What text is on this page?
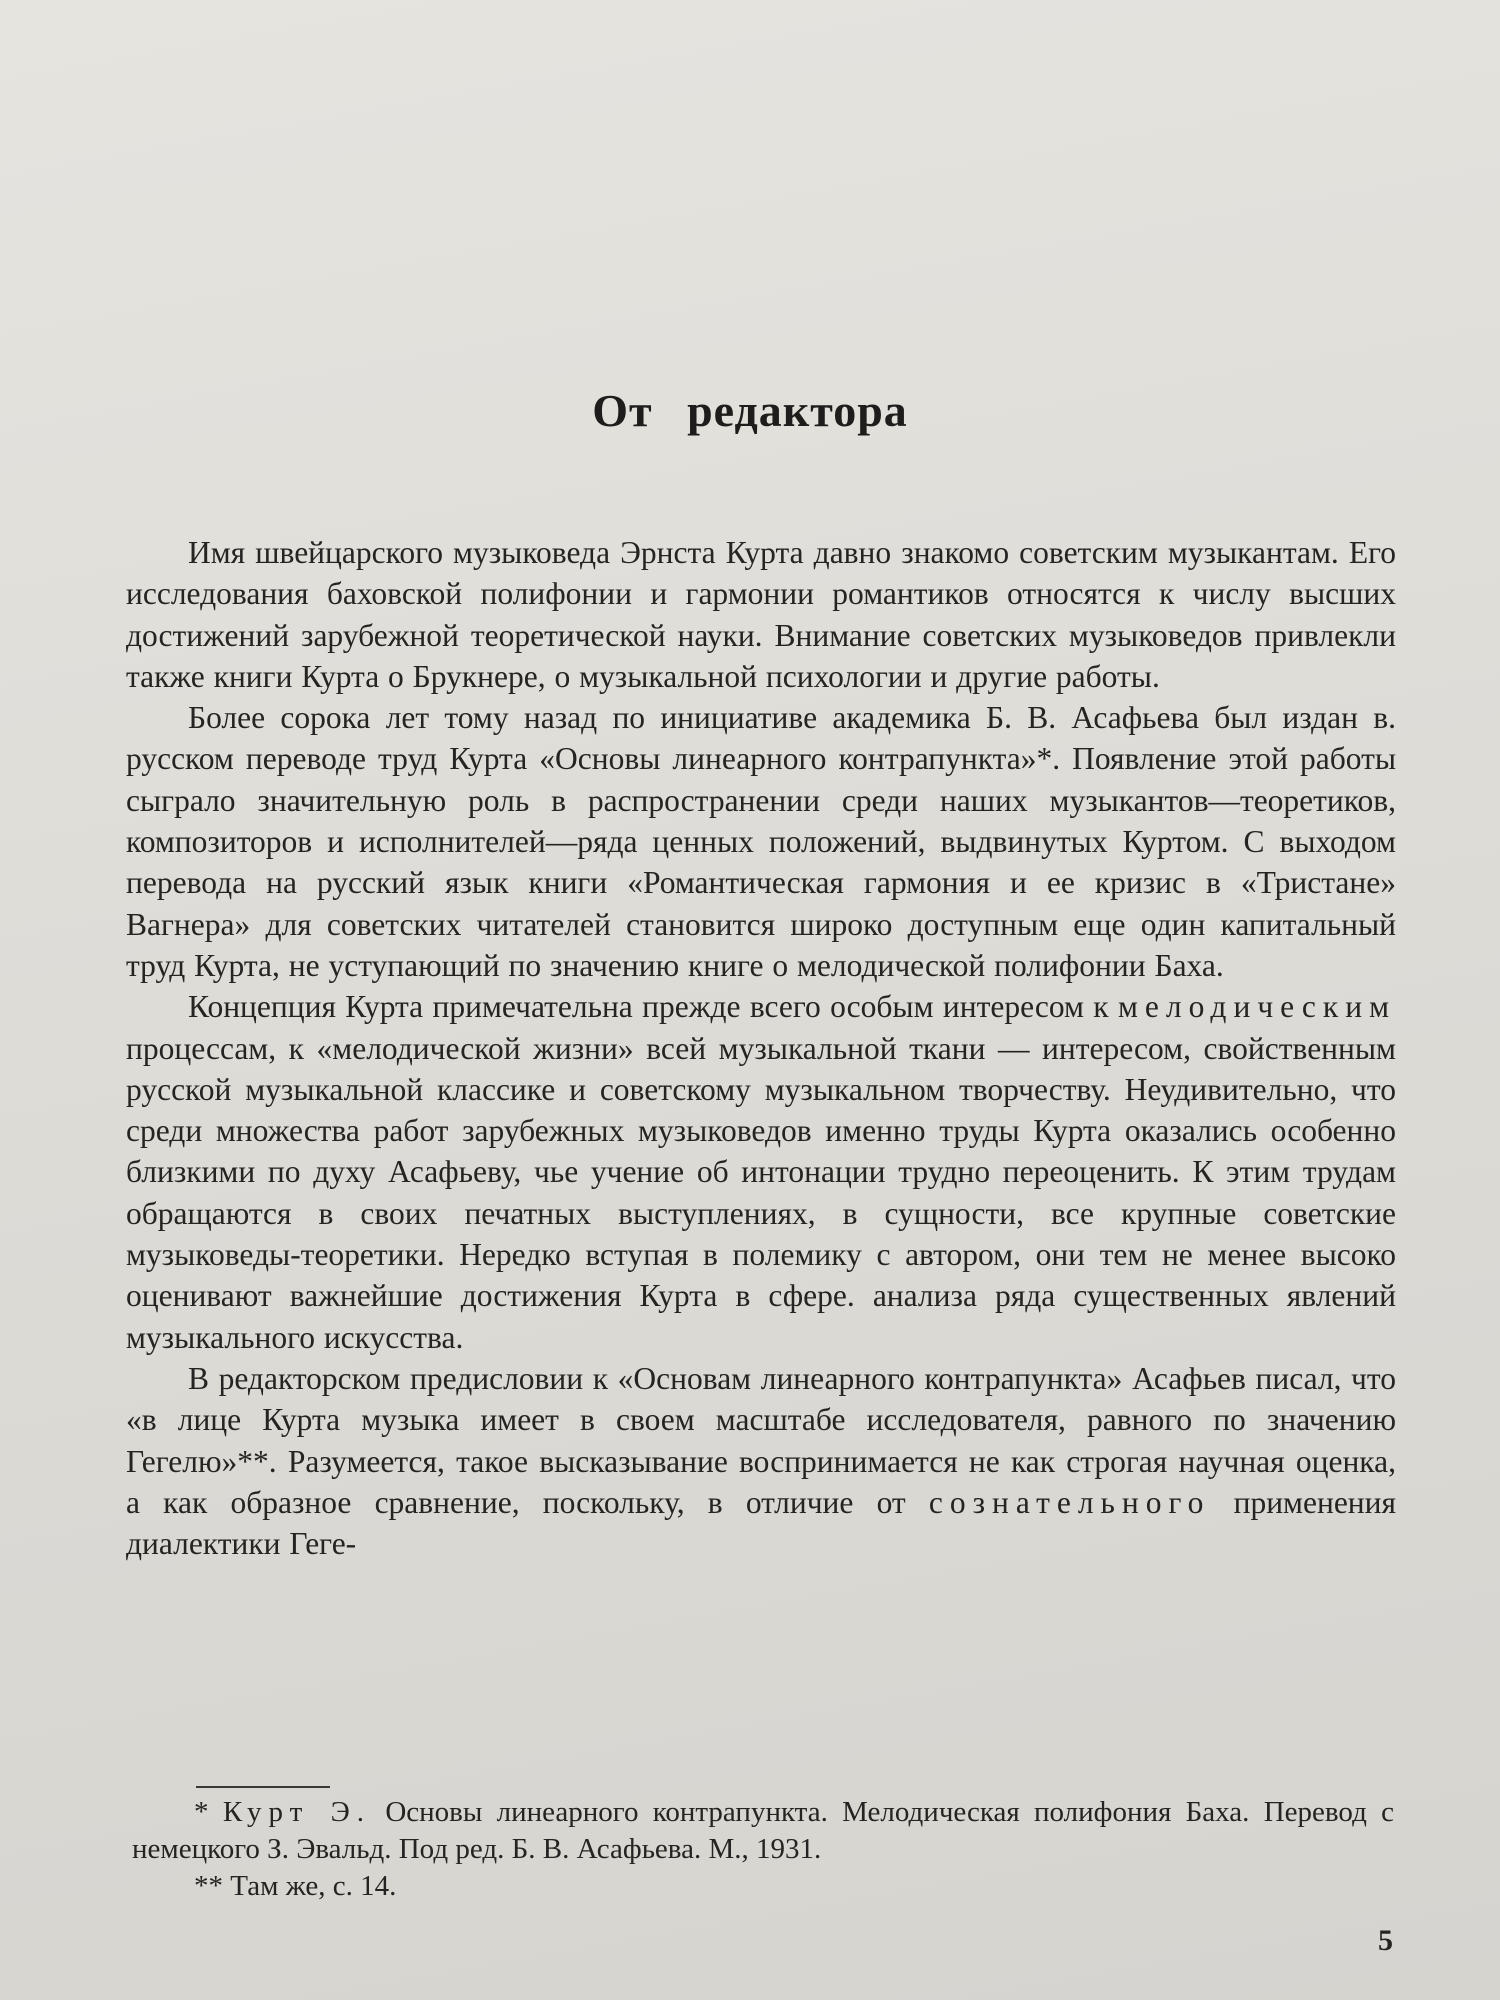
От редактора

Имя швейцарского музыковеда Эрнста Курта давно знакомо советским музыкантам. Его исследования баховской полифонии и гармонии романтиков относятся к числу высших достижений зарубежной теоретической науки. Внимание советских музыковедов привлекли также книги Курта о Брукнере, о музыкальной психологии и другие работы.

Более сорока лет тому назад по инициативе академика Б. В. Асафьева был издан в. русском переводе труд Курта «Основы линеарного контрапункта»*. Появление этой работы сыграло значительную роль в распространении среди наших музыкантов—теоретиков, композиторов и исполнителей—ряда ценных положений, выдвинутых Куртом. С выходом перевода на русский язык книги «Романтическая гармония и ее кризис в «Тристане» Вагнера» для советских читателей становится широко доступным еще один капитальный труд Курта, не уступающий по значению книге о мелодической полифонии Баха.

Концепция Курта примечательна прежде всего особым интересом к мелодическим процессам, к «мелодической жизни» всей музыкальной ткани — интересом, свойственным русской музыкальной классике и советскому музыкальном творчеству. Неудивительно, что среди множества работ зарубежных музыковедов именно труды Курта оказались особенно близкими по духу Асафьеву, чье учение об интонации трудно переоценить. К этим трудам обращаются в своих печатных выступлениях, в сущности, все крупные советские музыковеды-теоретики. Нередко вступая в полемику с автором, они тем не менее высоко оценивают важнейшие достижения Курта в сфере. анализа ряда существенных явлений музыкального искусства.

В редакторском предисловии к «Основам линеарного контрапункта» Асафьев писал, что «в лице Курта музыка имеет в своем масштабе исследователя, равного по значению Гегелю»**. Разумеется, такое высказывание воспринимается не как строгая научная оценка, а как образное сравнение, поскольку, в отличие от сознательного применения диалектики Геге-

* Курт Э. Основы линеарного контрапункта. Мелодическая полифония Баха. Перевод с немецкого З. Эвальд. Под ред. Б. В. Асафьева. М., 1931.

** Там же, с. 14.

5
